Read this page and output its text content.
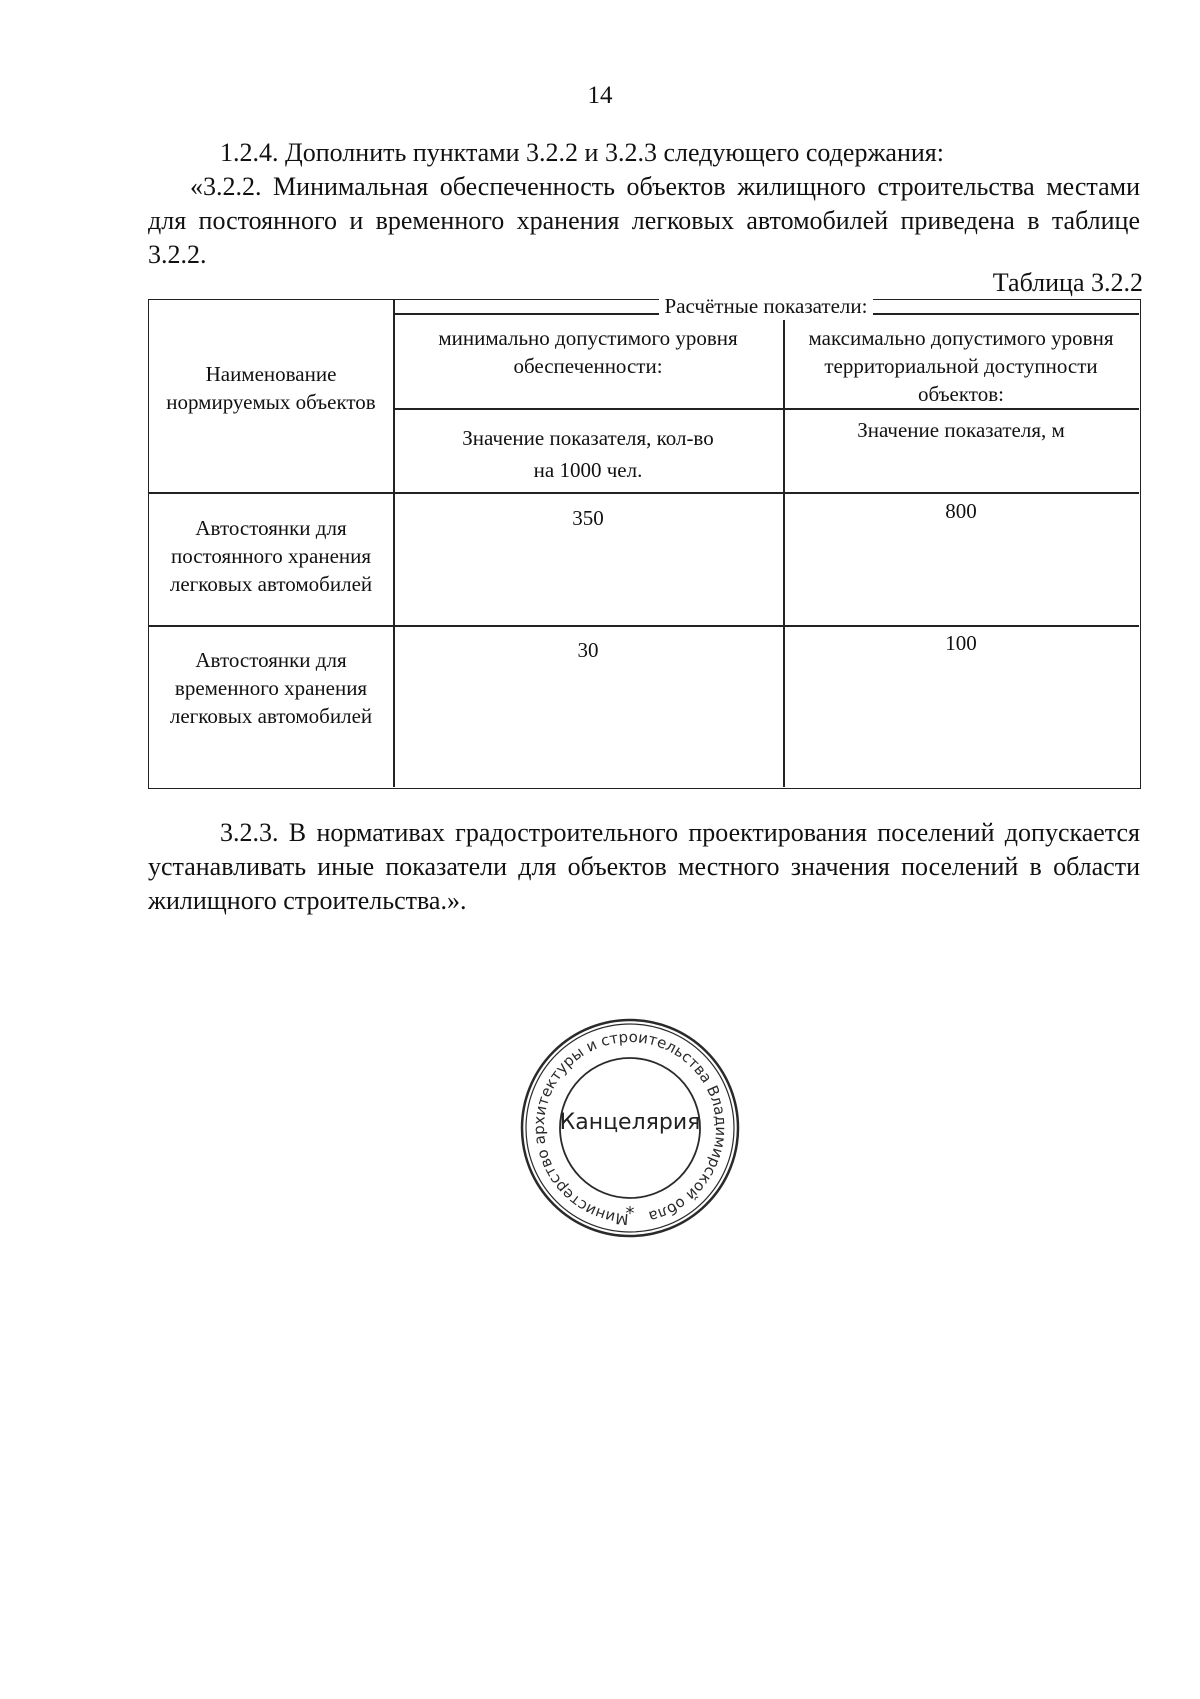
14

1.2.4. Дополнить пунктами 3.2.2 и 3.2.3 следующего содержания:

«3.2.2. Минимальная обеспеченность объектов жилищного строительства местами для постоянного и временного хранения легковых автомобилей приведена в таблице 3.2.2.

Таблица 3.2.2
Наименование нормируемых объектов
Расчётные показатели:
минимально допустимого уровня обеспеченности:
максимально допустимого уровня территориальной доступности объектов:
Значение показателя, кол-во на 1000 чел.
Значение показателя, м
Автостоянки для постоянного хранения легковых автомобилей
350	800
Автостоянки для временного хранения легковых автомобилей
30	100

3.2.3. В нормативах градостроительного проектирования поселений допускается устанавливать иные показатели для объектов местного значения поселений в области жилищного строительства.».

Министерство архитектуры и строительства Владимирской области
*
Канцелярия
